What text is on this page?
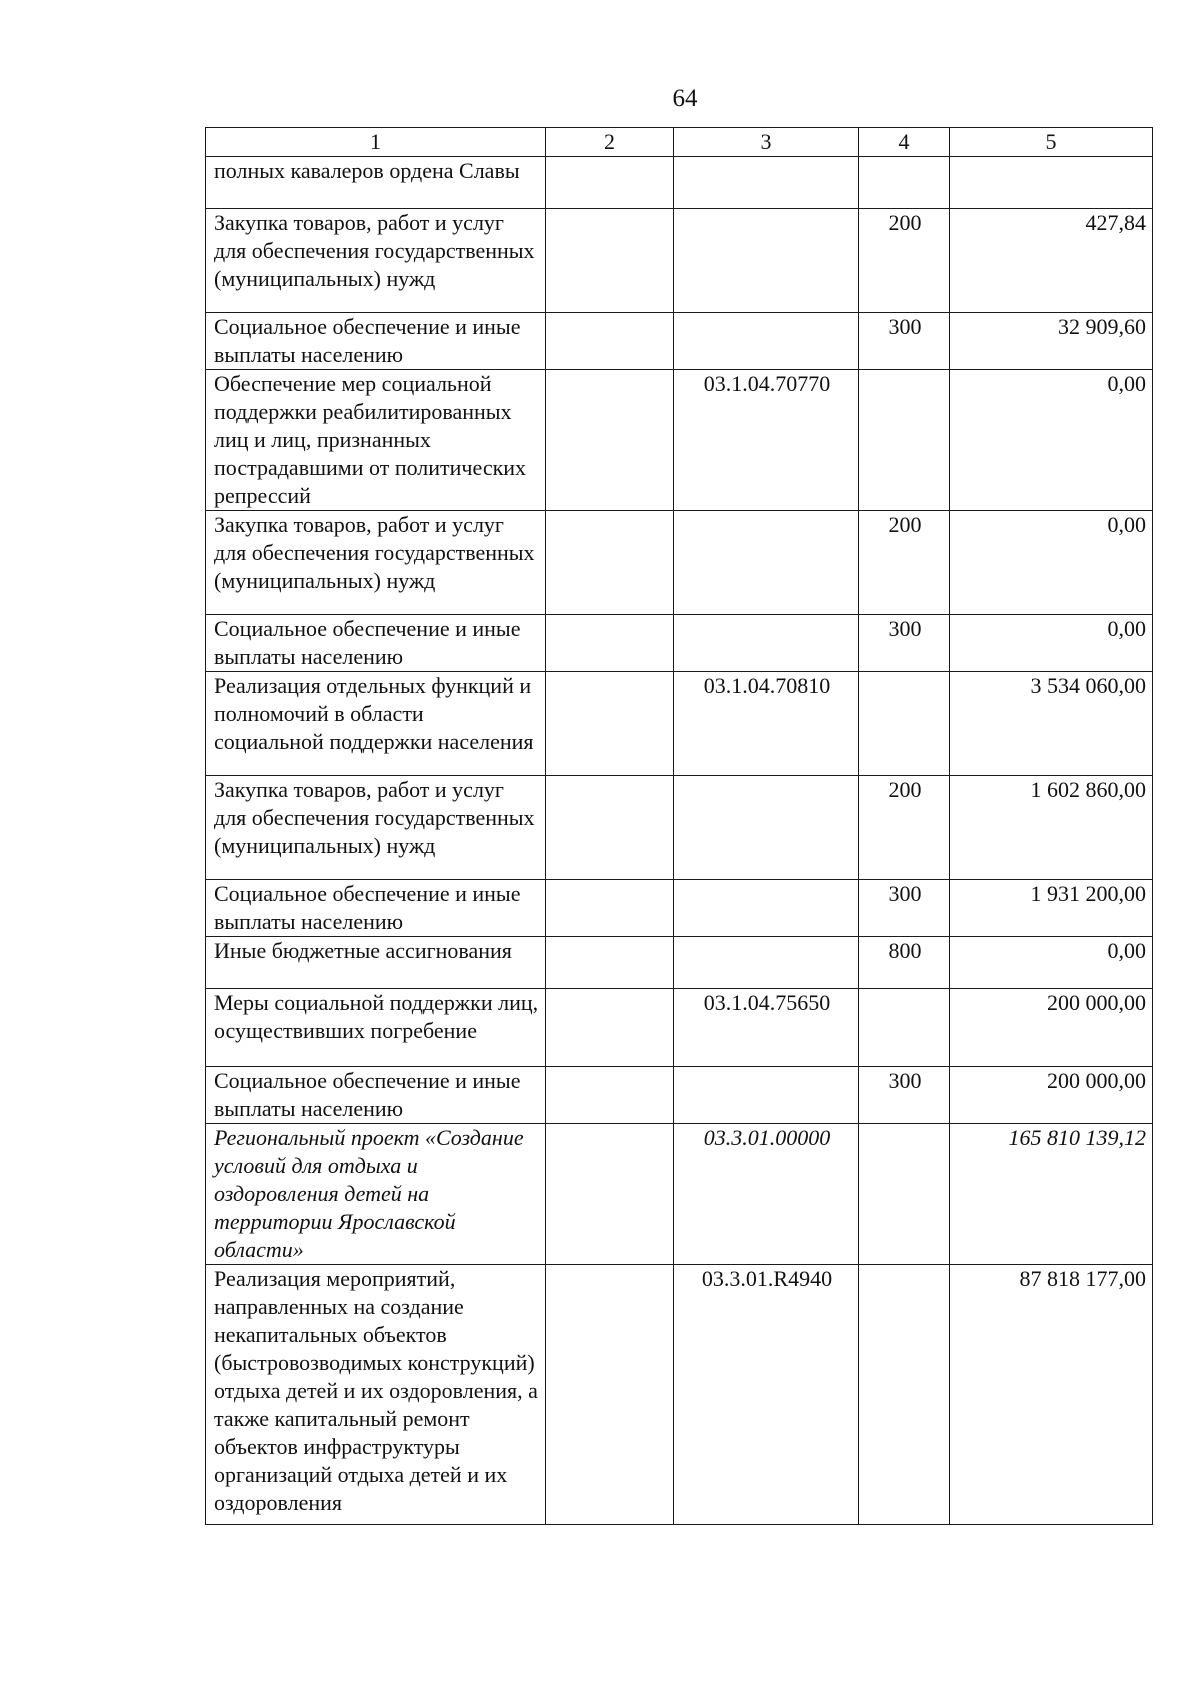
64
1	2	3	4	5
полных кавалеров ордена Славы				
Закупка товаров, работ и услуг для обеспечения государственных (муниципальных) нужд			200	427,84
Социальное обеспечение и иные выплаты населению			300	32 909,60
Обеспечение мер социальной поддержки реабилитированных лиц и лиц, признанных пострадавшими от политических репрессий		03.1.04.70770		0,00
Закупка товаров, работ и услуг для обеспечения государственных (муниципальных) нужд			200	0,00
Социальное обеспечение и иные выплаты населению			300	0,00
Реализация отдельных функций и полномочий в области социальной поддержки населения		03.1.04.70810		3 534 060,00
Закупка товаров, работ и услуг для обеспечения государственных (муниципальных) нужд			200	1 602 860,00
Социальное обеспечение и иные выплаты населению			300	1 931 200,00
Иные бюджетные ассигнования			800	0,00
Меры социальной поддержки лиц, осуществивших погребение		03.1.04.75650		200 000,00
Социальное обеспечение и иные выплаты населению			300	200 000,00
Региональный проект «Создание условий для отдыха и оздоровления детей на территории Ярославской области»		03.3.01.00000		165 810 139,12
Реализация мероприятий, направленных на создание некапитальных объектов (быстровозводимых конструкций) отдыха детей и их оздоровления, а также капитальный ремонт объектов инфраструктуры организаций отдыха детей и их оздоровления		03.3.01.R4940		87 818 177,00
